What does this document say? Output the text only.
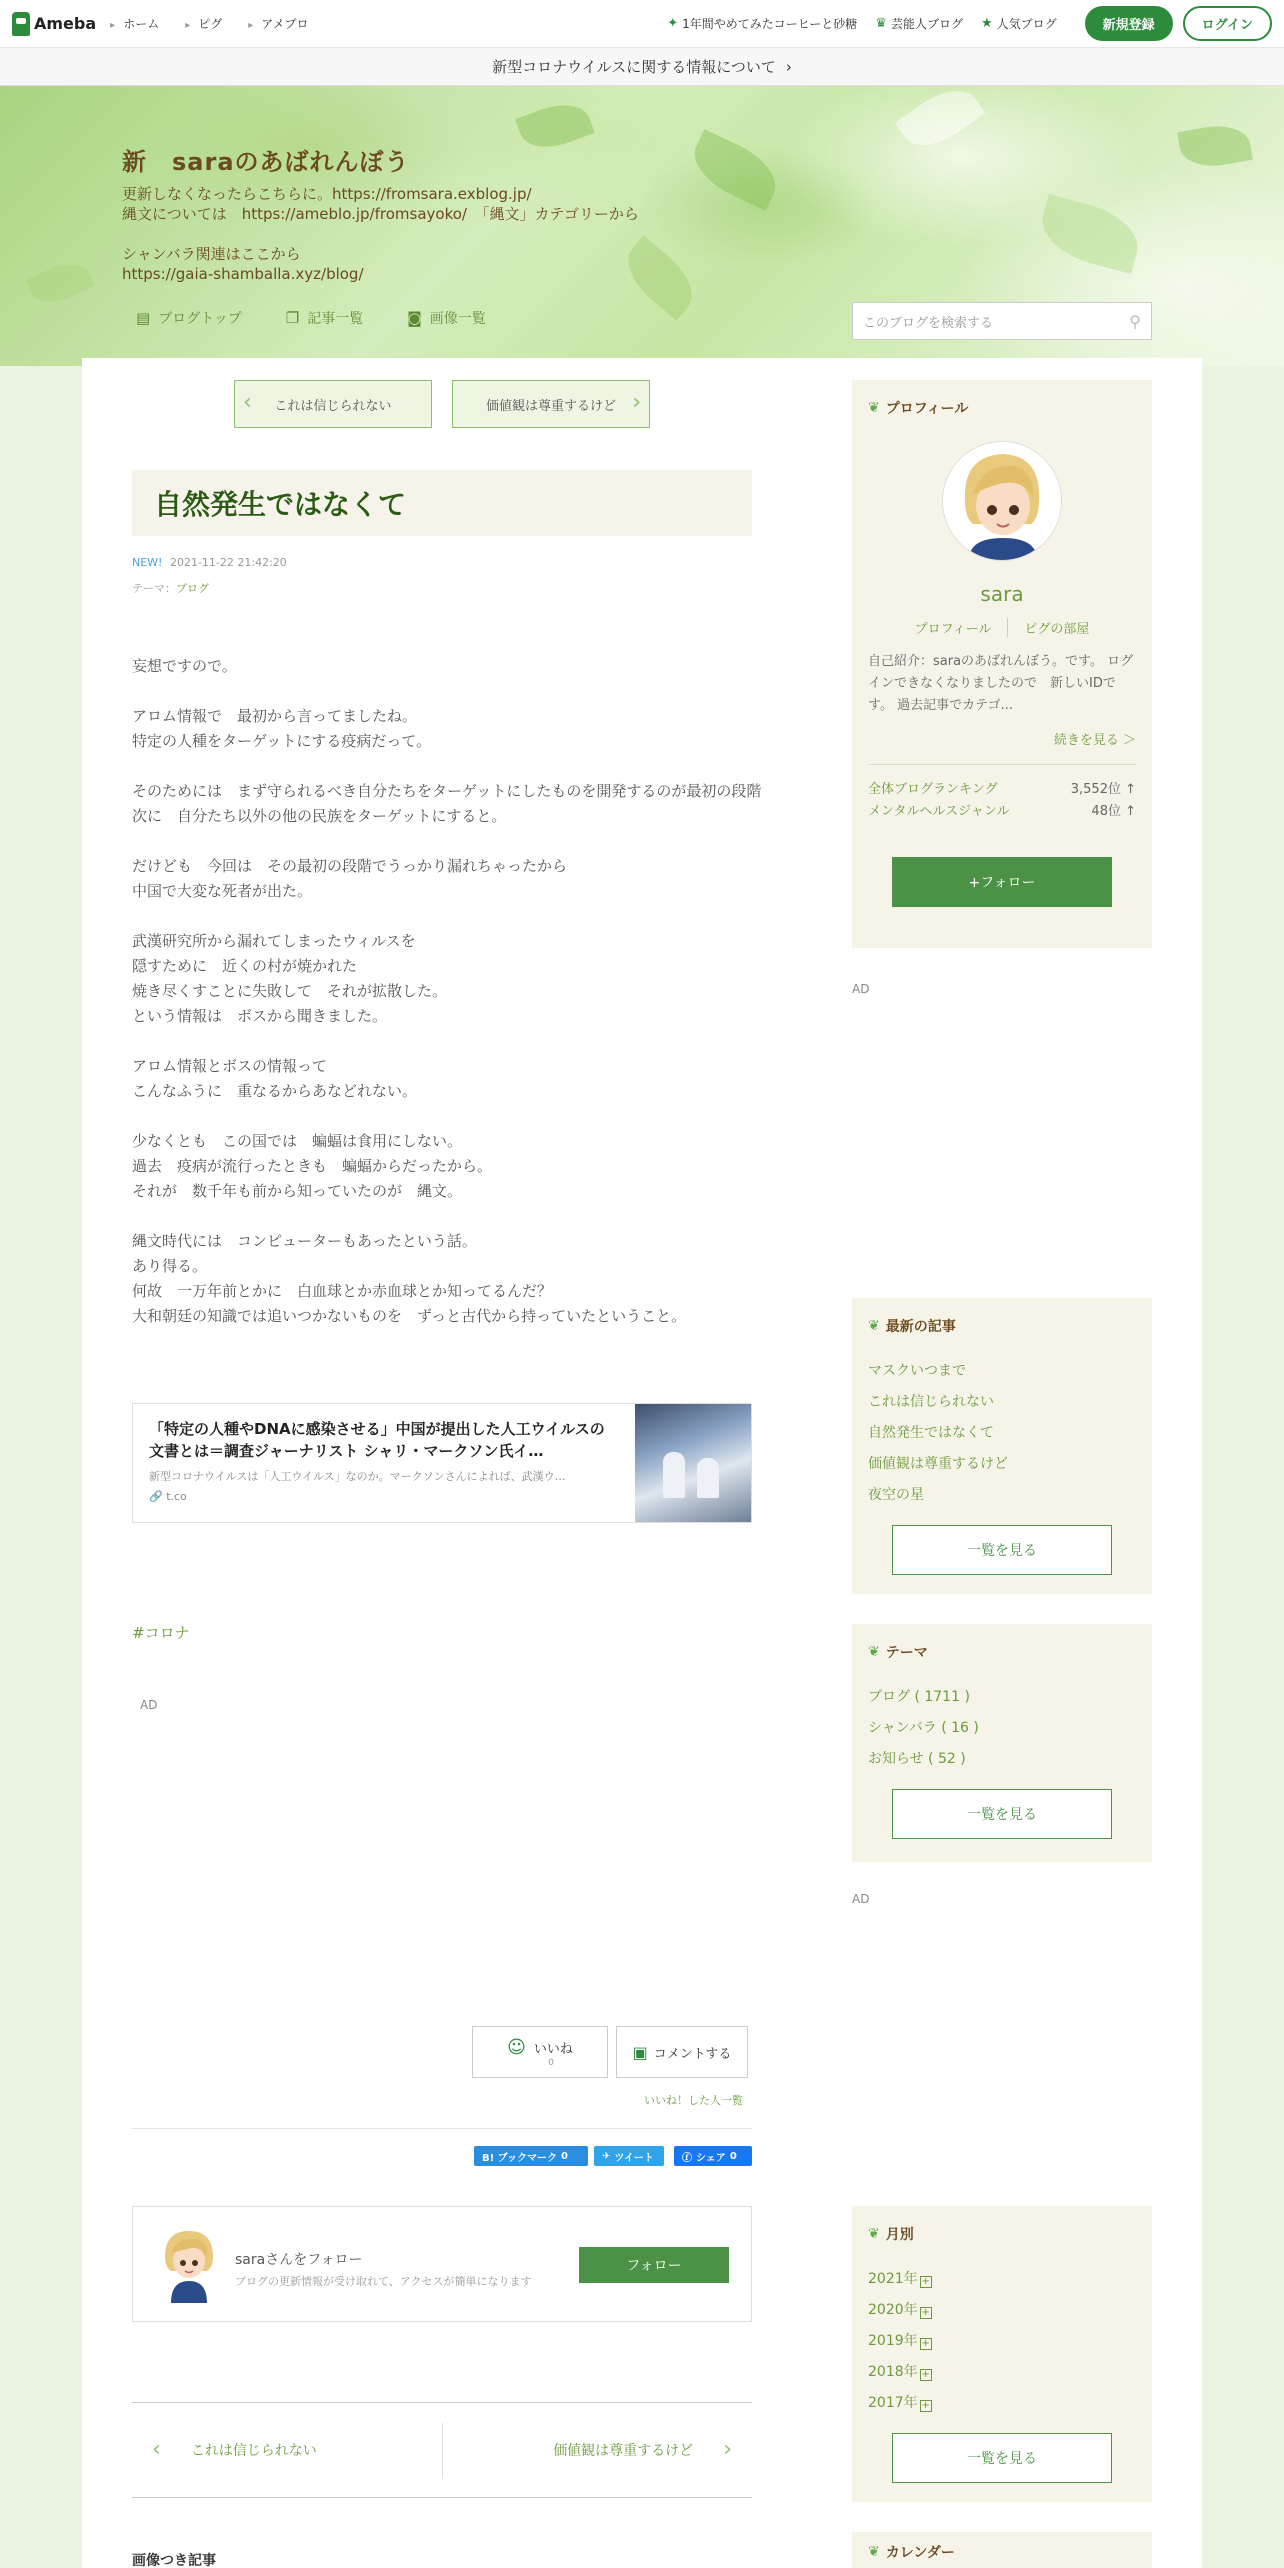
Ameba	▸ ホーム	▸ ピグ	▸ アメブロ	✦ 1年間やめてみたコーヒーと砂糖 ♛ 芸能人ブログ ★ 人気ブログ	新規登録	ログイン
新型コロナウイルスに関する情報について ›
新　saraのあばれんぼう

更新しなくなったらこちらに。https://fromsara.exblog.jp/
縄文については　https://ameblo.jp/fromsayoko/　「縄文」カテゴリーから

シャンバラ関連はここから
https://gaia-shamballa.xyz/blog/

▤ ブログトップ	❐ 記事一覧	◙ 画像一覧	このブログを検索する	⚲
‹ これは信じられない	価値観は尊重するけど ›
自然発生ではなくて
NEW! 2021-11-22 21:42:20
テーマ：ブログ
妄想ですので。

アロム情報で　最初から言ってましたね。
特定の人種をターゲットにする疫病だって。

そのためには　まず守られるべき自分たちをターゲットにしたものを開発するのが最初の段階
次に　自分たち以外の他の民族をターゲットにすると。

だけども　今回は　その最初の段階でうっかり漏れちゃったから
中国で大変な死者が出た。

武漢研究所から漏れてしまったウィルスを
隠すために　近くの村が焼かれた
焼き尽くすことに失敗して　それが拡散した。
という情報は　ボスから聞きました。

アロム情報とボスの情報って
こんなふうに　重なるからあなどれない。

少なくとも　この国では　蝙蝠は食用にしない。
過去　疫病が流行ったときも　蝙蝠からだったから。
それが　数千年も前から知っていたのが　縄文。

縄文時代には　コンピューターもあったという話。
あり得る。
何故　一万年前とかに　白血球とか赤血球とか知ってるんだ？
大和朝廷の知識では追いつかないものを　ずっと古代から持っていたということ。
「特定の人種やDNAに感染させる」中国が提出した人工ウイルスの文書とは＝調査ジャーナリスト シャリ・マークソン氏イ…
新型コロナウイルスは「人工ウイルス」なのか。マークソンさんによれば、武漢ウ…
🔗 t.co
#コロナ
AD
☺ いいね
0
▣ コメントする
いいね！した人一覧
B! ブックマーク 0	✈ ツイート	ⓕ シェア 0
saraさんをフォロー
ブログの更新情報が受け取れて、アクセスが簡単になります
フォロー
‹ これは信じられない	価値観は尊重するけど ›
画像つき記事
❦ プロフィール
sara
プロフィール	ピグの部屋
自己紹介：saraのあばれんぼう。です。 ログインできなくなりましたので　新しいIDです。 過去記事でカテゴ...
続きを見る ＞
全体ブログランキング	3,552位 ↑
メンタルヘルスジャンル	48位 ↑
+フォロー
AD
❦ 最新の記事
マスクいつまで
これは信じられない
自然発生ではなくて
価値観は尊重するけど
夜空の星
一覧を見る
❦ テーマ
ブログ ( 1711 )
シャンバラ ( 16 )
お知らせ ( 52 )
一覧を見る
AD
❦ 月別
2021年 +
2020年 +
2019年 +
2018年 +
2017年 +
一覧を見る
❦ カレンダー
